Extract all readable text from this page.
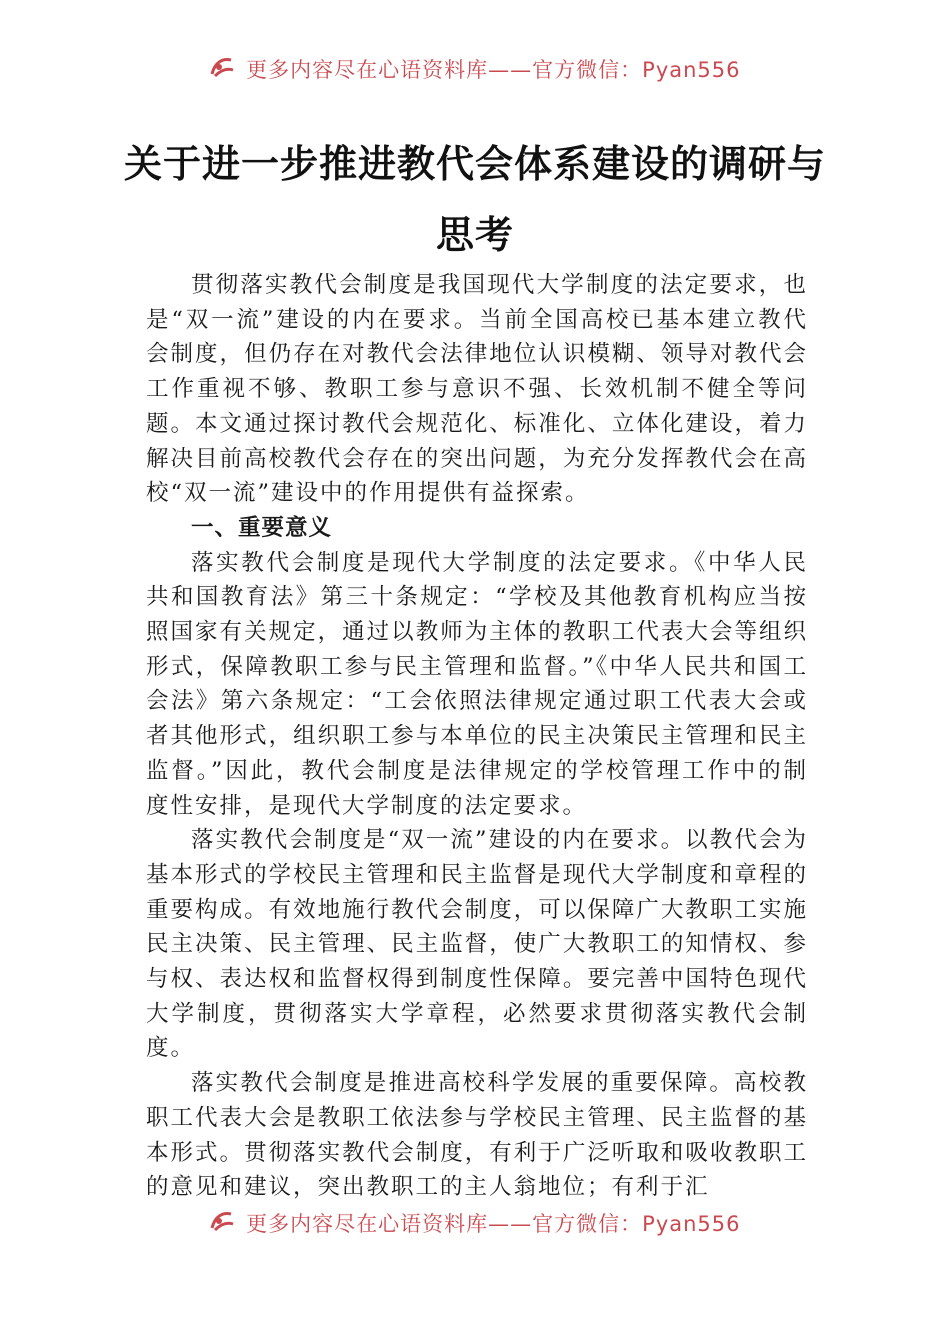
更多内容尽在心语资料库——官方微信：Pyan556
关于进一步推进教代会体系建设的调研与
思考

贯彻落实教代会制度是我国现代大学制度的法定要求，也是“双一流”建设的内在要求。当前全国高校已基本建立教代会制度，但仍存在对教代会法律地位认识模糊、领导对教代会工作重视不够、教职工参与意识不强、长效机制不健全等问题。本文通过探讨教代会规范化、标准化、立体化建设，着力解决目前高校教代会存在的突出问题，为充分发挥教代会在高校“双一流”建设中的作用提供有益探索。

一、重要意义

落实教代会制度是现代大学制度的法定要求。《中华人民共和国教育法》第三十条规定：“学校及其他教育机构应当按照国家有关规定，通过以教师为主体的教职工代表大会等组织形式，保障教职工参与民主管理和监督。”《中华人民共和国工会法》第六条规定：“工会依照法律规定通过职工代表大会或者其他形式，组织职工参与本单位的民主决策民主管理和民主监督。”因此，教代会制度是法律规定的学校管理工作中的制度性安排，是现代大学制度的法定要求。

落实教代会制度是“双一流”建设的内在要求。以教代会为基本形式的学校民主管理和民主监督是现代大学制度和章程的重要构成。有效地施行教代会制度，可以保障广大教职工实施民主决策、民主管理、民主监督，使广大教职工的知情权、参与权、表达权和监督权得到制度性保障。要完善中国特色现代大学制度，贯彻落实大学章程，必然要求贯彻落实教代会制度。

落实教代会制度是推进高校科学发展的重要保障。高校教职工代表大会是教职工依法参与学校民主管理、民主监督的基本形式。贯彻落实教代会制度，有利于广泛听取和吸收教职工的意见和建议，突出教职工的主人翁地位；有利于汇

更多内容尽在心语资料库——官方微信：Pyan556
